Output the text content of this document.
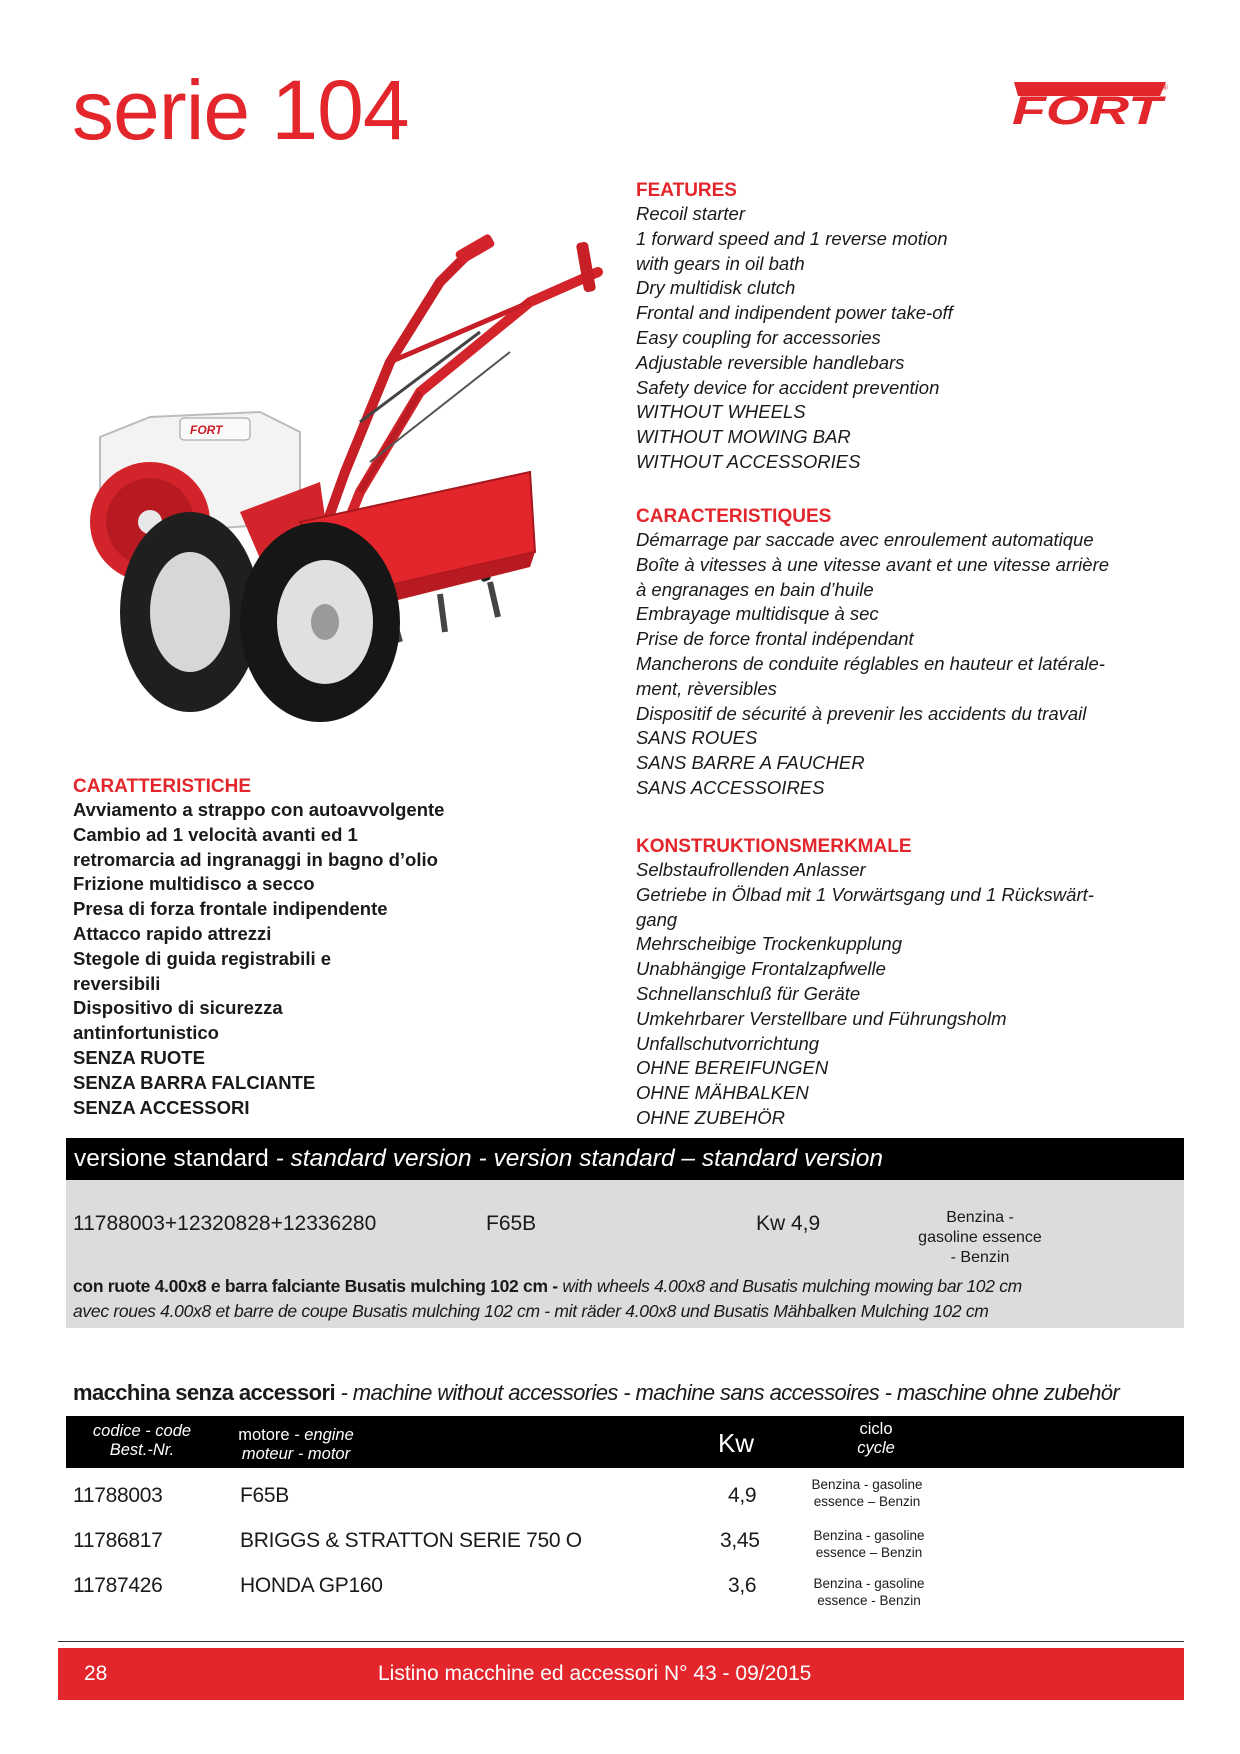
serie 104	FORT
®
FORT
FEATURES
Recoil starter
1 forward speed and 1 reverse motion
with gears in oil bath
Dry multidisk clutch
Frontal and indipendent power take-off
Easy coupling for accessories
Adjustable reversible handlebars
Safety device for accident prevention
WITHOUT WHEELS
WITHOUT MOWING BAR
WITHOUT ACCESSORIES
CARACTERISTIQUES
Démarrage par saccade avec enroulement automatique
Boîte à vitesses à une vitesse avant et une vitesse arrière
à engranages en bain d’huile
Embrayage multidisque à sec
Prise de force frontal indépendant
Mancherons de conduite réglables en hauteur et latérale-
ment, rèversibles
Dispositif de sécurité à prevenir les accidents du travail
SANS ROUES
SANS BARRE A FAUCHER
SANS ACCESSOIRES
KONSTRUKTIONSMERKMALE
Selbstaufrollenden Anlasser
Getriebe in Ölbad mit 1 Vorwärtsgang und 1 Rückswärt-
gang
Mehrscheibige Trockenkupplung
Unabhängige Frontalzapfwelle
Schnellanschluß für Geräte
Umkehrbarer Verstellbare und Führungsholm
Unfallschutvorrichtung
OHNE BEREIFUNGEN
OHNE MÄHBALKEN
OHNE ZUBEHÖR
CARATTERISTICHE
Avviamento a strappo con autoavvolgente
Cambio ad 1 velocità avanti ed 1
retromarcia ad ingranaggi in bagno d’olio
Frizione multidisco a secco
Presa di forza frontale indipendente
Attacco rapido attrezzi
Stegole di guida registrabili e
reversibili
Dispositivo di sicurezza
antinfortunistico
SENZA RUOTE
SENZA BARRA FALCIANTE
SENZA ACCESSORI
versione standard - standard version - version standard – standard version
11788003+12320828+12336280	F65B	Kw 4,9	Benzina -
gasoline essence
- Benzin
con ruote 4.00x8 e barra falciante Busatis mulching 102 cm - with wheels 4.00x8 and Busatis mulching mowing bar 102 cm
avec roues 4.00x8 et barre de coupe Busatis mulching 102 cm - mit räder 4.00x8 und Busatis Mähbalken Mulching 102 cm
macchina senza accessori - machine without accessories - machine sans accessoires - maschine ohne zubehör
codice - code
Best.-Nr.
motore - engine
moteur - motor	Kw	ciclo
cycle
11788003	F65B	4,9	Benzina - gasoline
essence – Benzin
11786817	BRIGGS & STRATTON SERIE 750 O	3,45	Benzina - gasoline
essence – Benzin
11787426	HONDA GP160	3,6	Benzina - gasoline
essence - Benzin
28	Listino macchine ed accessori N° 43 - 09/2015
